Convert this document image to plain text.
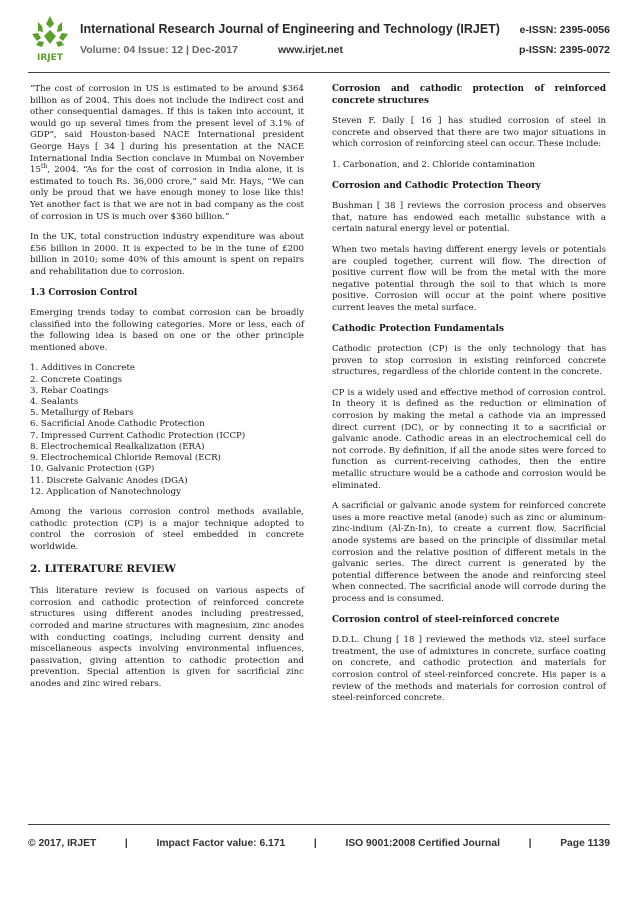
IRJET
International Research Journal of Engineering and Technology (IRJET) e-ISSN: 2395-0056
Volume: 04 Issue: 12 | Dec-2017	www.irjet.net	p-ISSN: 2395-0072

“The cost of corrosion in US is estimated to be around $364 billion as of 2004. This does not include the indirect cost and other consequential damages. If this is taken into account, it would go up several times from the present level of 3.1% of GDP”, said Houston-based NACE International president George Hays [ 34 ] during his presentation at the NACE International India Section conclave in Mumbai on November 15th, 2004. “As for the cost of corrosion in India alone, it is estimated to touch Rs. 36,000 crore,” said Mr. Hays, “We can only be proud that we have enough money to lose like this! Yet another fact is that we are not in bad company as the cost of corrosion in US is much over $360 billion.”

In the UK, total construction industry expenditure was about £56 billion in 2000. It is expected to be in the tune of £200 billion in 2010; some 40% of this amount is spent on repairs and rehabilitation due to corrosion.

1.3 Corrosion Control

Emerging trends today to combat corrosion can be broadly classified into the following categories. More or less, each of the following idea is based on one or the other principle mentioned above.

1. Additives in Concrete
2. Concrete Coatings
3. Rebar Coatings
4. Sealants
5. Metallurgy of Rebars
6. Sacrificial Anode Cathodic Protection
7. Impressed Current Cathodic Protection (ICCP)
8. Electrochemical Realkalization (ERA)
9. Electrochemical Chloride Removal (ECR)
10. Galvanic Protection (GP)
11. Discrete Galvanic Anodes (DGA)
12. Application of Nanotechnology

Among the various corrosion control methods available, cathodic protection (CP) is a major technique adopted to control the corrosion of steel embedded in concrete worldwide.

2. LITERATURE REVIEW

This literature review is focused on various aspects of corrosion and cathodic protection of reinforced concrete structures using different anodes including prestressed, corroded and marine structures with magnesium, zinc anodes with conducting coatings, including current density and miscellaneous aspects involving environmental influences, passivation, giving attention to cathodic protection and prevention. Special attention is given for sacrificial zinc anodes and zinc wired rebars.

Corrosion and cathodic protection of reinforced concrete structures

Steven F. Daily [ 16 ] has studied corrosion of steel in concrete and observed that there are two major situations in which corrosion of reinforcing steel can occur. These include:

1. Carbonation, and 2. Chloride contamination

Corrosion and Cathodic Protection Theory

Bushman [ 38 ] reviews the corrosion process and observes that, nature has endowed each metallic substance with a certain natural energy level or potential.

When two metals having different energy levels or potentials are coupled together, current will flow. The direction of positive current flow will be from the metal with the more negative potential through the soil to that which is more positive. Corrosion will occur at the point where positive current leaves the metal surface.

Cathodic Protection Fundamentals

Cathodic protection (CP) is the only technology that has proven to stop corrosion in existing reinforced concrete structures, regardless of the chloride content in the concrete.

CP is a widely used and effective method of corrosion control. In theory it is defined as the reduction or elimination of corrosion by making the metal a cathode via an impressed direct current (DC), or by connecting it to a sacrificial or galvanic anode. Cathodic areas in an electrochemical cell do not corrode. By definition, if all the anode sites were forced to function as current-receiving cathodes, then the entire metallic structure would be a cathode and corrosion would be eliminated.

A sacrificial or galvanic anode system for reinforced concrete uses a more reactive metal (anode) such as zinc or aluminum-zinc-indium (Al-Zn-In), to create a current flow. Sacrificial anode systems are based on the principle of dissimilar metal corrosion and the relative position of different metals in the galvanic series. The direct current is generated by the potential difference between the anode and reinforcing steel when connected. The sacrificial anode will corrode during the process and is consumed.

Corrosion control of steel-reinforced concrete

D.D.L. Chung [ 18 ] reviewed the methods viz. steel surface treatment, the use of admixtures in concrete, surface coating on concrete, and cathodic protection and materials for corrosion control of steel-reinforced concrete. His paper is a review of the methods and materials for corrosion control of steel-reinforced concrete.

© 2017, IRJET	|	Impact Factor value: 6.171	|	ISO 9001:2008 Certified Journal	|	Page 1139
